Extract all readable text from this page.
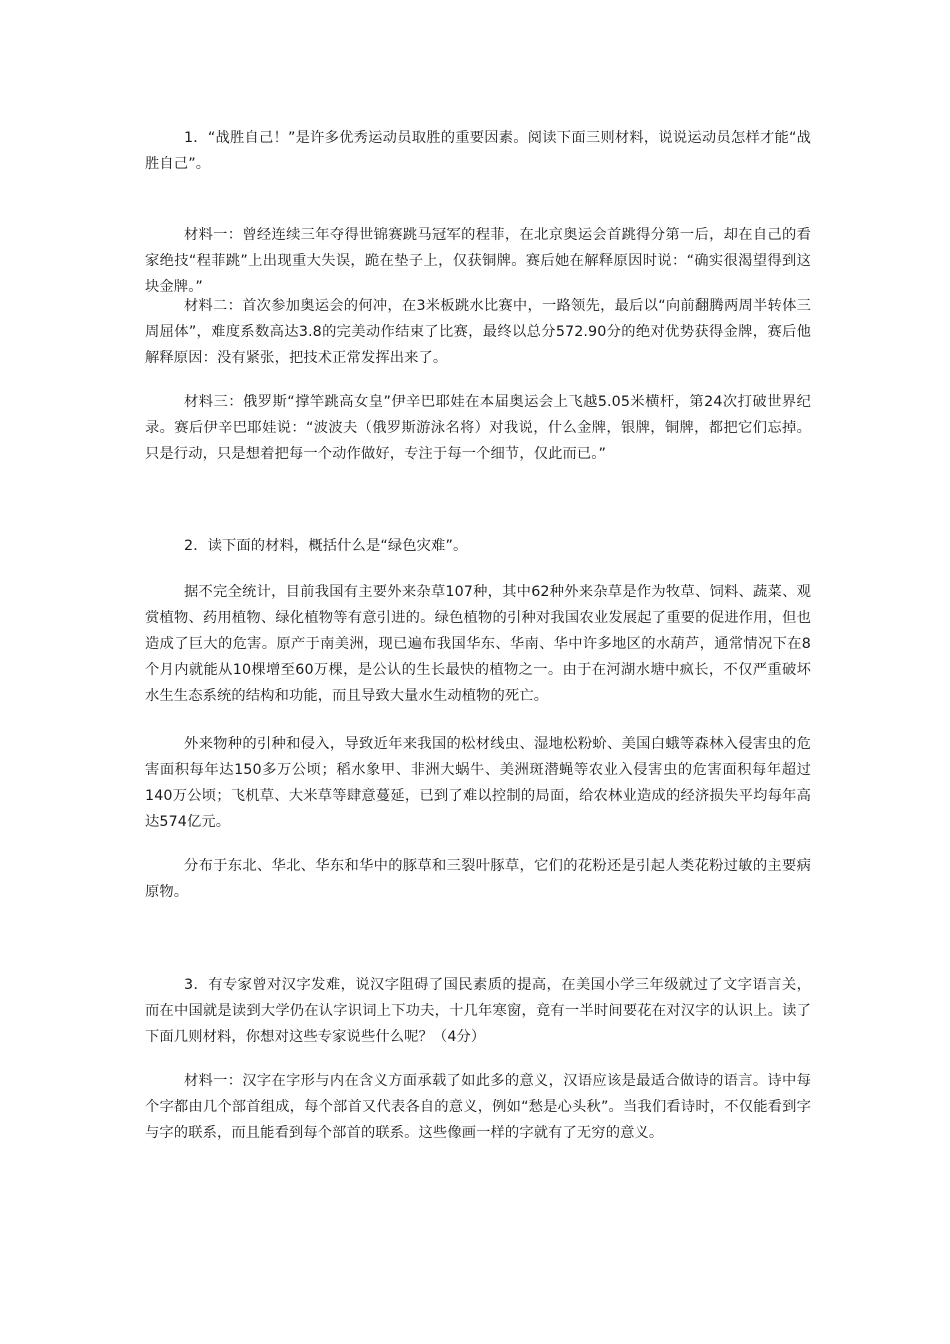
1．“战胜自己！”是许多优秀运动员取胜的重要因素。阅读下面三则材料，说说运动员怎样才能“战胜自己”。

材料一：曾经连续三年夺得世锦赛跳马冠军的程菲，在北京奥运会首跳得分第一后，却在自己的看家绝技“程菲跳”上出现重大失误，跪在垫子上，仅获铜牌。赛后她在解释原因时说：“确实很渴望得到这块金牌。”

材料二：首次参加奥运会的何冲，在3米板跳水比赛中，一路领先，最后以“向前翻腾两周半转体三周屈体”，难度系数高达3.8的完美动作结束了比赛，最终以总分572.90分的绝对优势获得金牌，赛后他解释原因：没有紧张，把技术正常发挥出来了。

材料三：俄罗斯“撑竿跳高女皇”伊辛巴耶娃在本届奥运会上飞越5.05米横杆，第24次打破世界纪录。赛后伊辛巴耶娃说：“波波夫（俄罗斯游泳名将）对我说，什么金牌，银牌，铜牌，都把它们忘掉。只是行动，只是想着把每一个动作做好，专注于每一个细节，仅此而已。”

2．读下面的材料，概括什么是“绿色灾难”。

据不完全统计，目前我国有主要外来杂草107种，其中62种外来杂草是作为牧草、饲料、蔬菜、观赏植物、药用植物、绿化植物等有意引进的。绿色植物的引种对我国农业发展起了重要的促进作用，但也造成了巨大的危害。原产于南美洲，现已遍布我国华东、华南、华中许多地区的水葫芦，通常情况下在8个月内就能从10棵增至60万棵，是公认的生长最快的植物之一。由于在河湖水塘中疯长，不仅严重破坏水生生态系统的结构和功能，而且导致大量水生动植物的死亡。

外来物种的引种和侵入，导致近年来我国的松材线虫、湿地松粉蚧、美国白蛾等森林入侵害虫的危害面积每年达150多万公顷；稻水象甲、非洲大蜗牛、美洲斑潜蝇等农业入侵害虫的危害面积每年超过140万公顷；飞机草、大米草等肆意蔓延，已到了难以控制的局面，给农林业造成的经济损失平均每年高达574亿元。

分布于东北、华北、华东和华中的豚草和三裂叶豚草，它们的花粉还是引起人类花粉过敏的主要病原物。

3．有专家曾对汉字发难，说汉字阻碍了国民素质的提高，在美国小学三年级就过了文字语言关，而在中国就是读到大学仍在认字识词上下功夫，十几年寒窗，竟有一半时间要花在对汉字的认识上。读了下面几则材料，你想对这些专家说些什么呢？（4分）

材料一：汉字在字形与内在含义方面承载了如此多的意义，汉语应该是最适合做诗的语言。诗中每个字都由几个部首组成，每个部首又代表各自的意义，例如“愁是心头秋”。当我们看诗时，不仅能看到字与字的联系，而且能看到每个部首的联系。这些像画一样的字就有了无穷的意义。
